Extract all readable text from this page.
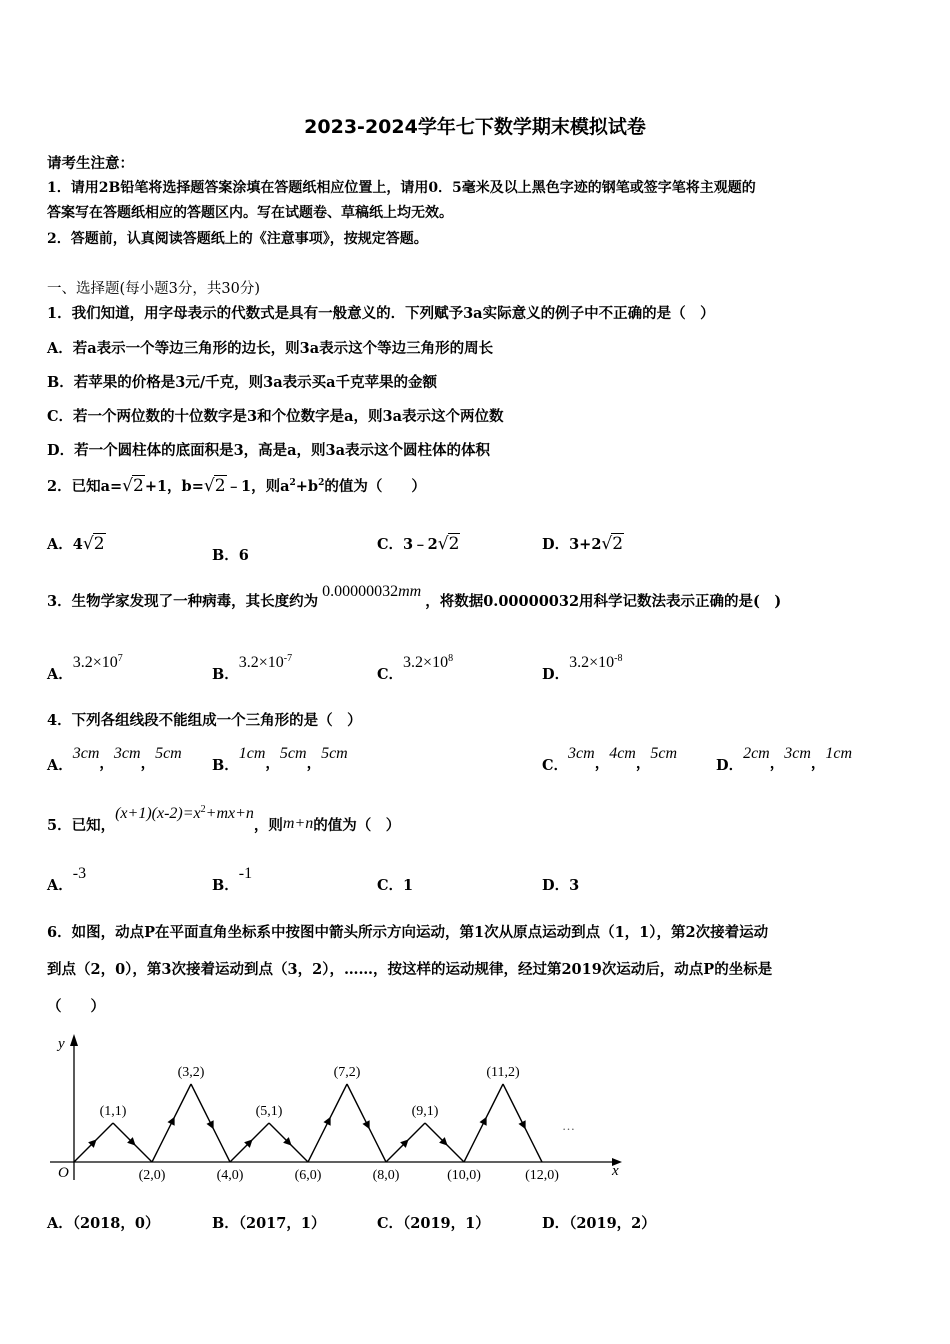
2023-2024学年七下数学期末模拟试卷
请考生注意：
1．请用2B铅笔将选择题答案涂填在答题纸相应位置上，请用0．5毫米及以上黑色字迹的钢笔或签字笔将主观题的
答案写在答题纸相应的答题区内。写在试题卷、草稿纸上均无效。
2．答题前，认真阅读答题纸上的《注意事项》，按规定答题。
一、选择题(每小题3分，共30分)
1．我们知道，用字母表示的代数式是具有一般意义的．下列赋予3a实际意义的例子中不正确的是（　）
A．若a表示一个等边三角形的边长，则3a表示这个等边三角形的周长
B．若苹果的价格是3元/千克，则3a表示买a千克苹果的金额
C．若一个两位数的十位数字是3和个位数字是a，则3a表示这个两位数
D．若一个圆柱体的底面积是3，高是a，则3a表示这个圆柱体的体积
2．已知a=√2+1，b=√2﹣1，则$a^2+b^2$的值为（　　）
A．4√2
B．6
C．3﹣2√2	D．3+2√2
3．生物学家发现了一种病毒，其长度约为0.00000032mm，将数据0.00000032用科学记数法表示正确的是(　)
A．$3.2\times 10^7$
B．$3.2\times 10^{-7}$
C．$3.2\times 10^8$
D．$3.2\times 10^{-8}$
4．下列各组线段不能组成一个三角形的是（　）
A．3cm，3cm，5cm
B．1cm，5cm，5cm
C．3cm，4cm，5cm
D．2cm，3cm，1cm
5．已知，$(x+1)(x-2)=x^2+mx+n$，则m+n的值为（　）
A．-3
B．-1
C．1	D．3
6．如图，动点P在平面直角坐标系中按图中箭头所示方向运动，第1次从原点运动到点（1，1），第2次接着运动
到点（2，0），第3次接着运动到点（3，2），……，按这样的运动规律，经过第2019次运动后，动点P的坐标是
（　　）
y
x
O
…
(1,1)
(2,0)
(3,2)
(4,0)
(5,1)
(6,0)
(7,2)
(8,0)
(9,1)
(10,0)
(11,2)
(12,0)
A．（2018，0）	B．（2017，1）	C．（2019，1）	D．（2019，2）
